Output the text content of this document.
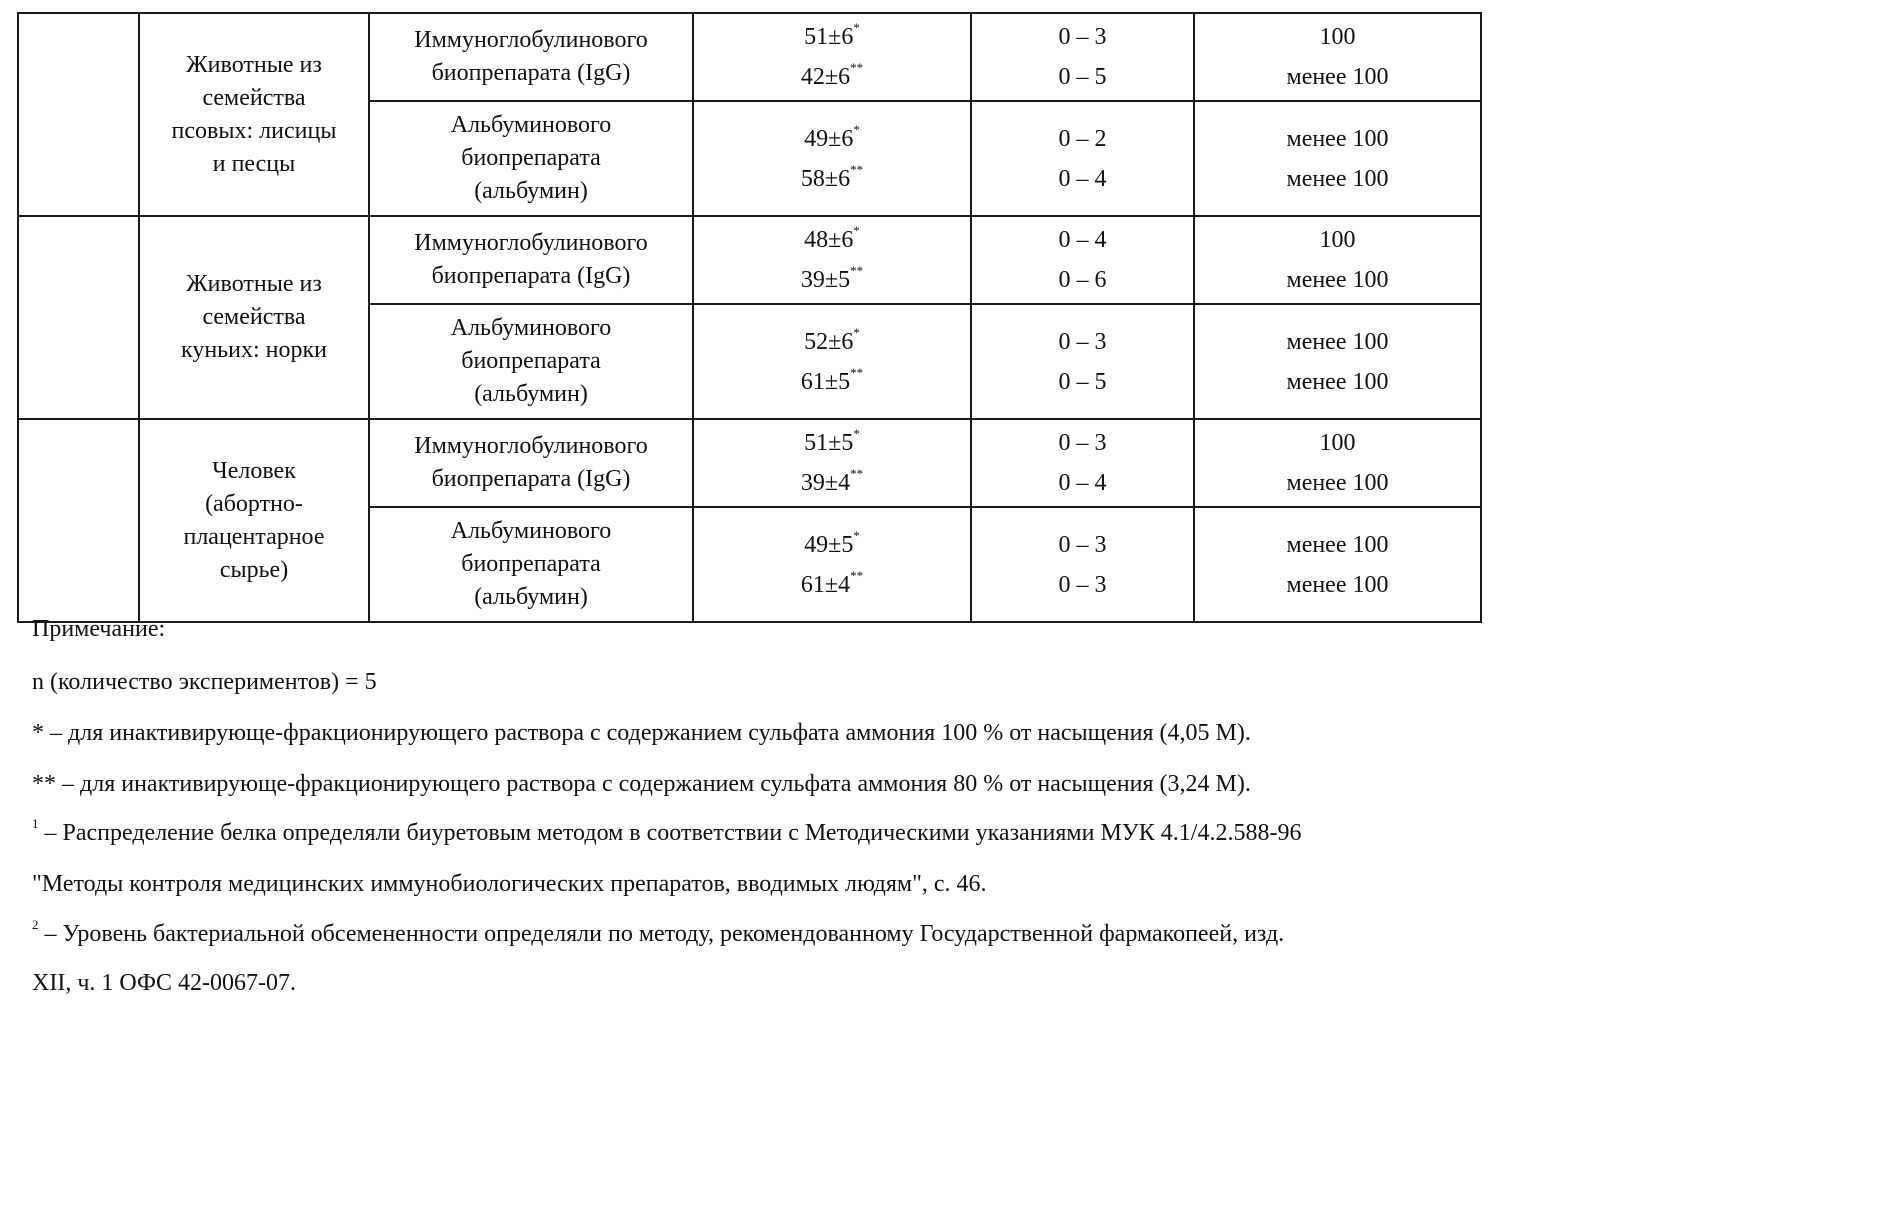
	Животные из
семейства
псовых: лисицы
и песцы	Иммуноглобулинового
биопрепарата (IgG)	51±6*
42±6**	0 – 3
0 – 5	100
менее 100

		Альбуминового
биопрепарата
(альбумин)	49±6*
58±6**	0 – 2
0 – 4	менее 100
менее 100

	Животные из
семейства
куньих: норки	Иммуноглобулинового
биопрепарата (IgG)	48±6*
39±5**	0 – 4
0 – 6	100
менее 100

		Альбуминового
биопрепарата
(альбумин)	52±6*
61±5**	0 – 3
0 – 5	менее 100
менее 100

	Человек
(абортно-
плацентарное
сырье)	Иммуноглобулинового
биопрепарата (IgG)	51±5*
39±4**	0 – 3
0 – 4	100
менее 100

		Альбуминового
биопрепарата
(альбумин)	49±5*
61±4**	0 – 3
0 – 3	менее 100
менее 100

Примечание:

n (количество экспериментов) = 5

* – для инактивирующе-фракционирующего раствора с содержанием сульфата аммония 100 % от насыщения (4,05 М).

** – для инактивирующе-фракционирующего раствора с содержанием сульфата аммония 80 % от насыщения (3,24 М).

$^1$ – Распределение белка определяли биуретовым методом в соответствии с Методическими указаниями МУК 4.1/4.2.588-96

"Методы контроля медицинских иммунобиологических препаратов, вводимых людям", с. 46.

$^2$ – Уровень бактериальной обсемененности определяли по методу, рекомендованному Государственной фармакопеей, изд.

XII, ч. 1 ОФС 42-0067-07.
